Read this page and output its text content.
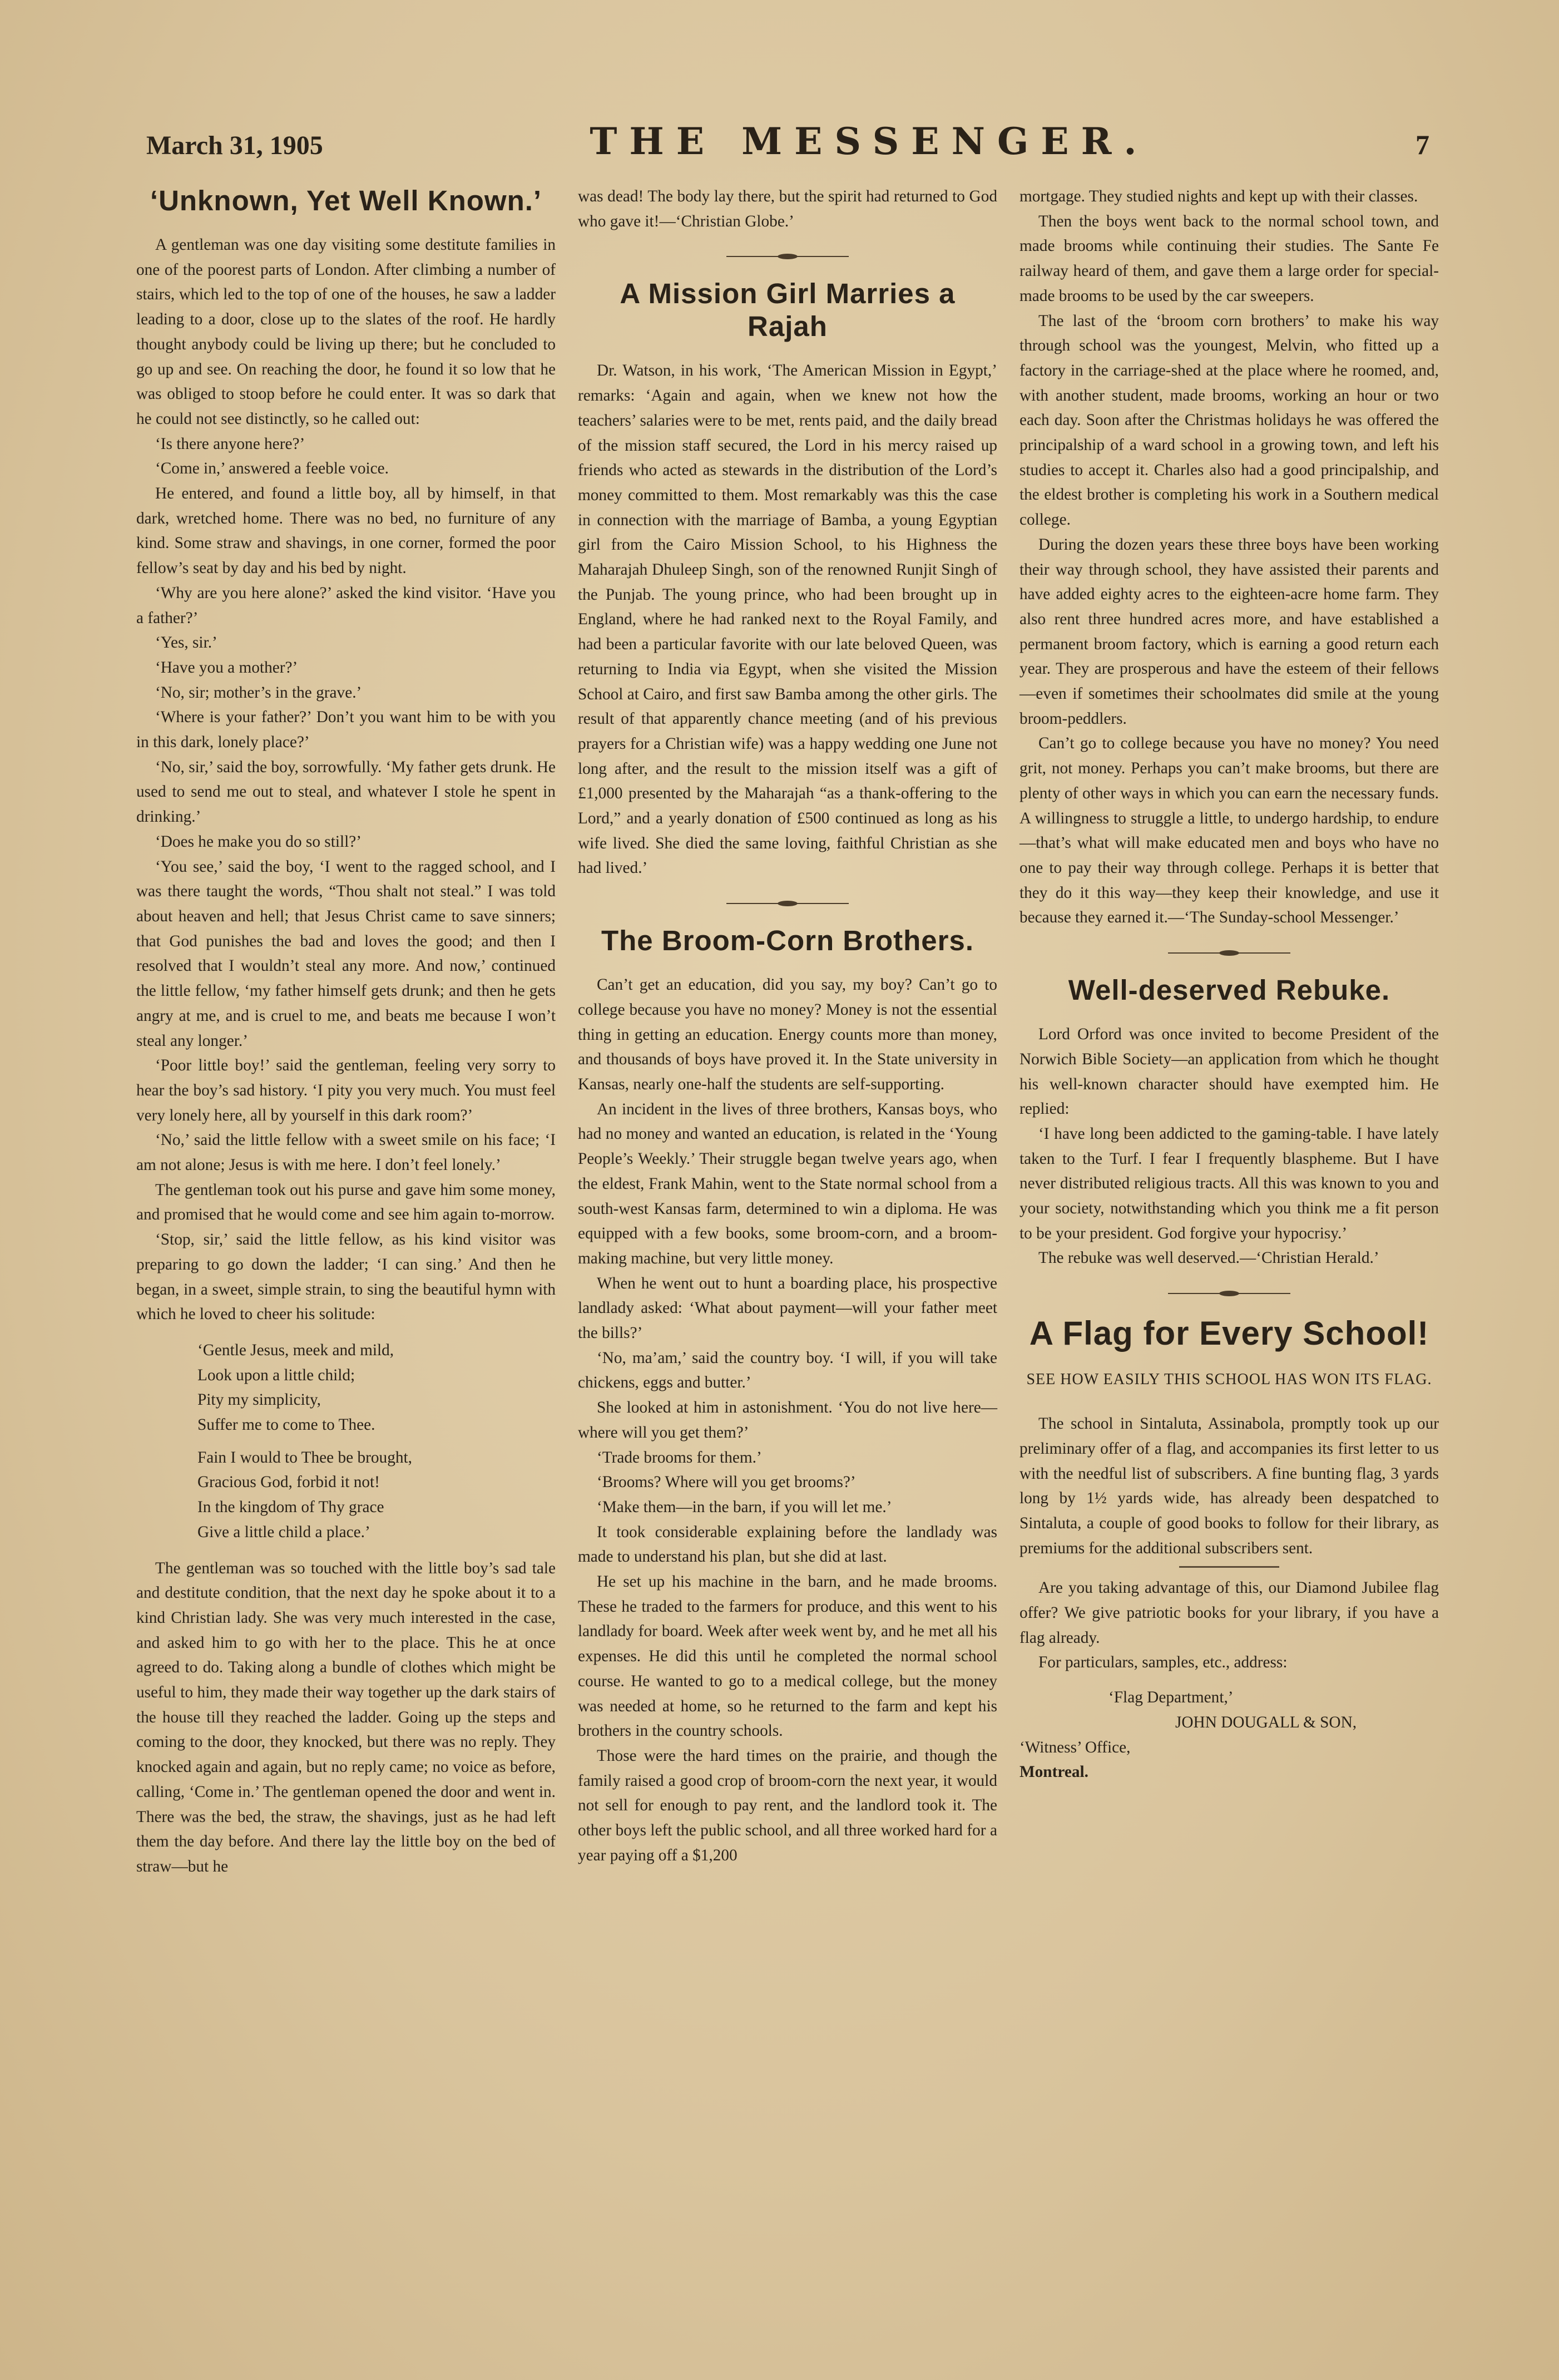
March 31, 1905	THE MESSENGER.	7
‘Unknown, Yet Well Known.’

A gentleman was one day visiting some destitute families in one of the poorest parts of London. After climbing a number of stairs, which led to the top of one of the houses, he saw a ladder leading to a door, close up to the slates of the roof. He hardly thought anybody could be living up there; but he concluded to go up and see. On reaching the door, he found it so low that he was obliged to stoop before he could enter. It was so dark that he could not see distinctly, so he called out:

‘Is there anyone here?’

‘Come in,’ answered a feeble voice.

He entered, and found a little boy, all by himself, in that dark, wretched home. There was no bed, no furniture of any kind. Some straw and shavings, in one corner, formed the poor fellow’s seat by day and his bed by night.

‘Why are you here alone?’ asked the kind visitor. ‘Have you a father?’

‘Yes, sir.’

‘Have you a mother?’

‘No, sir; mother’s in the grave.’

‘Where is your father?’ Don’t you want him to be with you in this dark, lonely place?’

‘No, sir,’ said the boy, sorrowfully. ‘My father gets drunk. He used to send me out to steal, and whatever I stole he spent in drinking.’

‘Does he make you do so still?’

‘You see,’ said the boy, ‘I went to the ragged school, and I was there taught the words, “Thou shalt not steal.” I was told about heaven and hell; that Jesus Christ came to save sinners; that God punishes the bad and loves the good; and then I resolved that I wouldn’t steal any more. And now,’ continued the little fellow, ‘my father himself gets drunk; and then he gets angry at me, and is cruel to me, and beats me because I won’t steal any longer.’

‘Poor little boy!’ said the gentleman, feeling very sorry to hear the boy’s sad history. ‘I pity you very much. You must feel very lonely here, all by yourself in this dark room?’

‘No,’ said the little fellow with a sweet smile on his face; ‘I am not alone; Jesus is with me here. I don’t feel lonely.’

The gentleman took out his purse and gave him some money, and promised that he would come and see him again to-morrow.

‘Stop, sir,’ said the little fellow, as his kind visitor was preparing to go down the ladder; ‘I can sing.’ And then he began, in a sweet, simple strain, to sing the beautiful hymn with which he loved to cheer his solitude:

‘Gentle Jesus, meek and mild,
Look upon a little child;
Pity my simplicity,
Suffer me to come to Thee.
Fain I would to Thee be brought,
Gracious God, forbid it not!
In the kingdom of Thy grace
Give a little child a place.’

The gentleman was so touched with the little boy’s sad tale and destitute condition, that the next day he spoke about it to a kind Christian lady. She was very much interested in the case, and asked him to go with her to the place. This he at once agreed to do. Taking along a bundle of clothes which might be useful to him, they made their way together up the dark stairs of the house till they reached the ladder. Going up the steps and coming to the door, they knocked, but there was no reply. They knocked again and again, but no reply came; no voice as before, calling, ‘Come in.’ The gentleman opened the door and went in. There was the bed, the straw, the shavings, just as he had left them the day before. And there lay the little boy on the bed of straw—but he

was dead! The body lay there, but the spirit had returned to God who gave it!—‘Christian Globe.’

A Mission Girl Marries a Rajah

Dr. Watson, in his work, ‘The American Mission in Egypt,’ remarks: ‘Again and again, when we knew not how the teachers’ salaries were to be met, rents paid, and the daily bread of the mission staff secured, the Lord in his mercy raised up friends who acted as stewards in the distribution of the Lord’s money committed to them. Most remarkably was this the case in connection with the marriage of Bamba, a young Egyptian girl from the Cairo Mission School, to his Highness the Maharajah Dhuleep Singh, son of the renowned Runjit Singh of the Punjab. The young prince, who had been brought up in England, where he had ranked next to the Royal Family, and had been a particular favorite with our late beloved Queen, was returning to India via Egypt, when she visited the Mission School at Cairo, and first saw Bamba among the other girls. The result of that apparently chance meeting (and of his previous prayers for a Christian wife) was a happy wedding one June not long after, and the result to the mission itself was a gift of £1,000 presented by the Maharajah “as a thank-offering to the Lord,” and a yearly donation of £500 continued as long as his wife lived. She died the same loving, faithful Christian as she had lived.’

The Broom-Corn Brothers.

Can’t get an education, did you say, my boy? Can’t go to college because you have no money? Money is not the essential thing in getting an education. Energy counts more than money, and thousands of boys have proved it. In the State university in Kansas, nearly one-half the students are self-supporting.

An incident in the lives of three brothers, Kansas boys, who had no money and wanted an education, is related in the ‘Young People’s Weekly.’ Their struggle began twelve years ago, when the eldest, Frank Mahin, went to the State normal school from a south-west Kansas farm, determined to win a diploma. He was equipped with a few books, some broom-corn, and a broom-making machine, but very little money.

When he went out to hunt a boarding place, his prospective landlady asked: ‘What about payment—will your father meet the bills?’

‘No, ma’am,’ said the country boy. ‘I will, if you will take chickens, eggs and butter.’

She looked at him in astonishment. ‘You do not live here—where will you get them?’

‘Trade brooms for them.’

‘Brooms? Where will you get brooms?’

‘Make them—in the barn, if you will let me.’

It took considerable explaining before the landlady was made to understand his plan, but she did at last.

He set up his machine in the barn, and he made brooms. These he traded to the farmers for produce, and this went to his landlady for board. Week after week went by, and he met all his expenses. He did this until he completed the normal school course. He wanted to go to a medical college, but the money was needed at home, so he returned to the farm and kept his brothers in the country schools.

Those were the hard times on the prairie, and though the family raised a good crop of broom-corn the next year, it would not sell for enough to pay rent, and the landlord took it. The other boys left the public school, and all three worked hard for a year paying off a $1,200

mortgage. They studied nights and kept up with their classes.

Then the boys went back to the normal school town, and made brooms while continuing their studies. The Sante Fe railway heard of them, and gave them a large order for special-made brooms to be used by the car sweepers.

The last of the ‘broom corn brothers’ to make his way through school was the youngest, Melvin, who fitted up a factory in the carriage-shed at the place where he roomed, and, with another student, made brooms, working an hour or two each day. Soon after the Christmas holidays he was offered the principalship of a ward school in a growing town, and left his studies to accept it. Charles also had a good principalship, and the eldest brother is completing his work in a Southern medical college.

During the dozen years these three boys have been working their way through school, they have assisted their parents and have added eighty acres to the eighteen-acre home farm. They also rent three hundred acres more, and have established a permanent broom factory, which is earning a good return each year. They are prosperous and have the esteem of their fellows—even if sometimes their schoolmates did smile at the young broom-peddlers.

Can’t go to college because you have no money? You need grit, not money. Perhaps you can’t make brooms, but there are plenty of other ways in which you can earn the necessary funds. A willingness to struggle a little, to undergo hardship, to endure—that’s what will make educated men and boys who have no one to pay their way through college. Perhaps it is better that they do it this way—they keep their knowledge, and use it because they earned it.—‘The Sunday-school Messenger.’

Well-deserved Rebuke.

Lord Orford was once invited to become President of the Norwich Bible Society—an application from which he thought his well-known character should have exempted him. He replied:

‘I have long been addicted to the gaming-table. I have lately taken to the Turf. I fear I frequently blaspheme. But I have never distributed religious tracts. All this was known to you and your society, notwithstanding which you think me a fit person to be your president. God forgive your hypocrisy.’

The rebuke was well deserved.—‘Christian Herald.’

A Flag for Every School!
SEE HOW EASILY THIS SCHOOL HAS WON ITS FLAG.

The school in Sintaluta, Assinabola, promptly took up our preliminary offer of a flag, and accompanies its first letter to us with the needful list of subscribers. A fine bunting flag, 3 yards long by 1½ yards wide, has already been despatched to Sintaluta, a couple of good books to follow for their library, as premiums for the additional subscribers sent.

Are you taking advantage of this, our Diamond Jubilee flag offer? We give patriotic books for your library, if you have a flag already.

For particulars, samples, etc., address:

‘Flag Department,’

JOHN DOUGALL & SON,

‘Witness’ Office,

Montreal.
